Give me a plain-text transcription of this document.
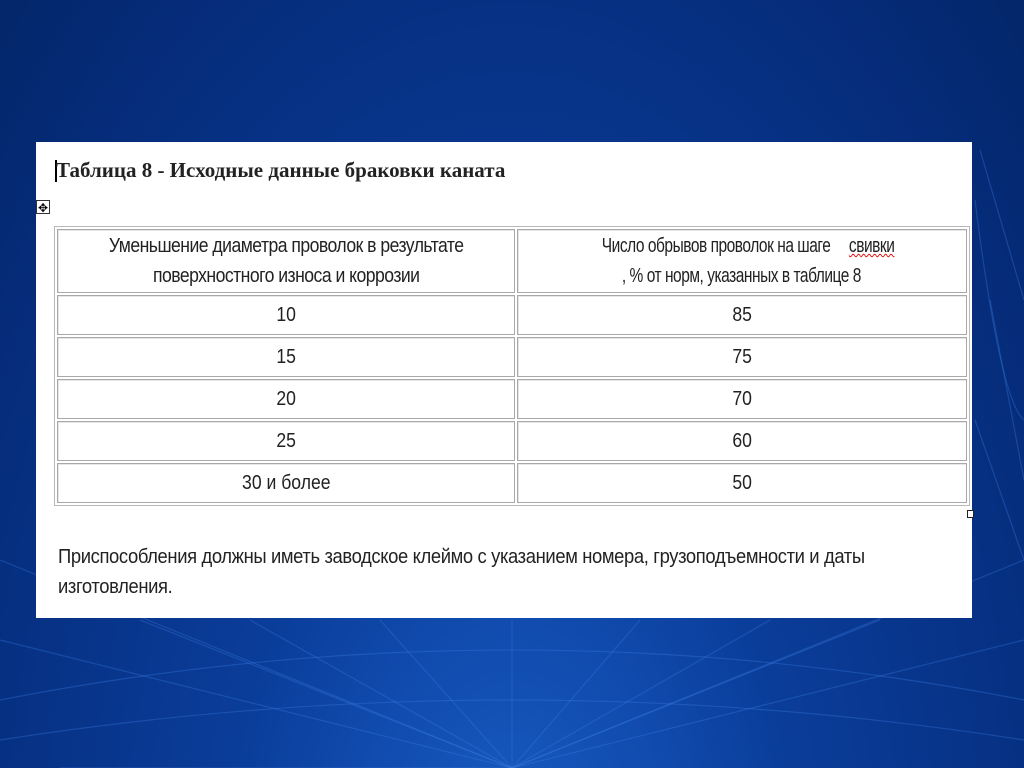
Таблица 8 - Исходные данные браковки каната
✥
Уменьшение диаметра проволок в результате поверхностного износа и коррозии	Число обрывов проволок на шагесвивки, % от норм, указанных в таблице 8
10	85
15	75
20	70
25	60
30 и более	50
Приспособления должны иметь заводское клеймо с указанием номера, грузоподъемности и даты изготовления.
